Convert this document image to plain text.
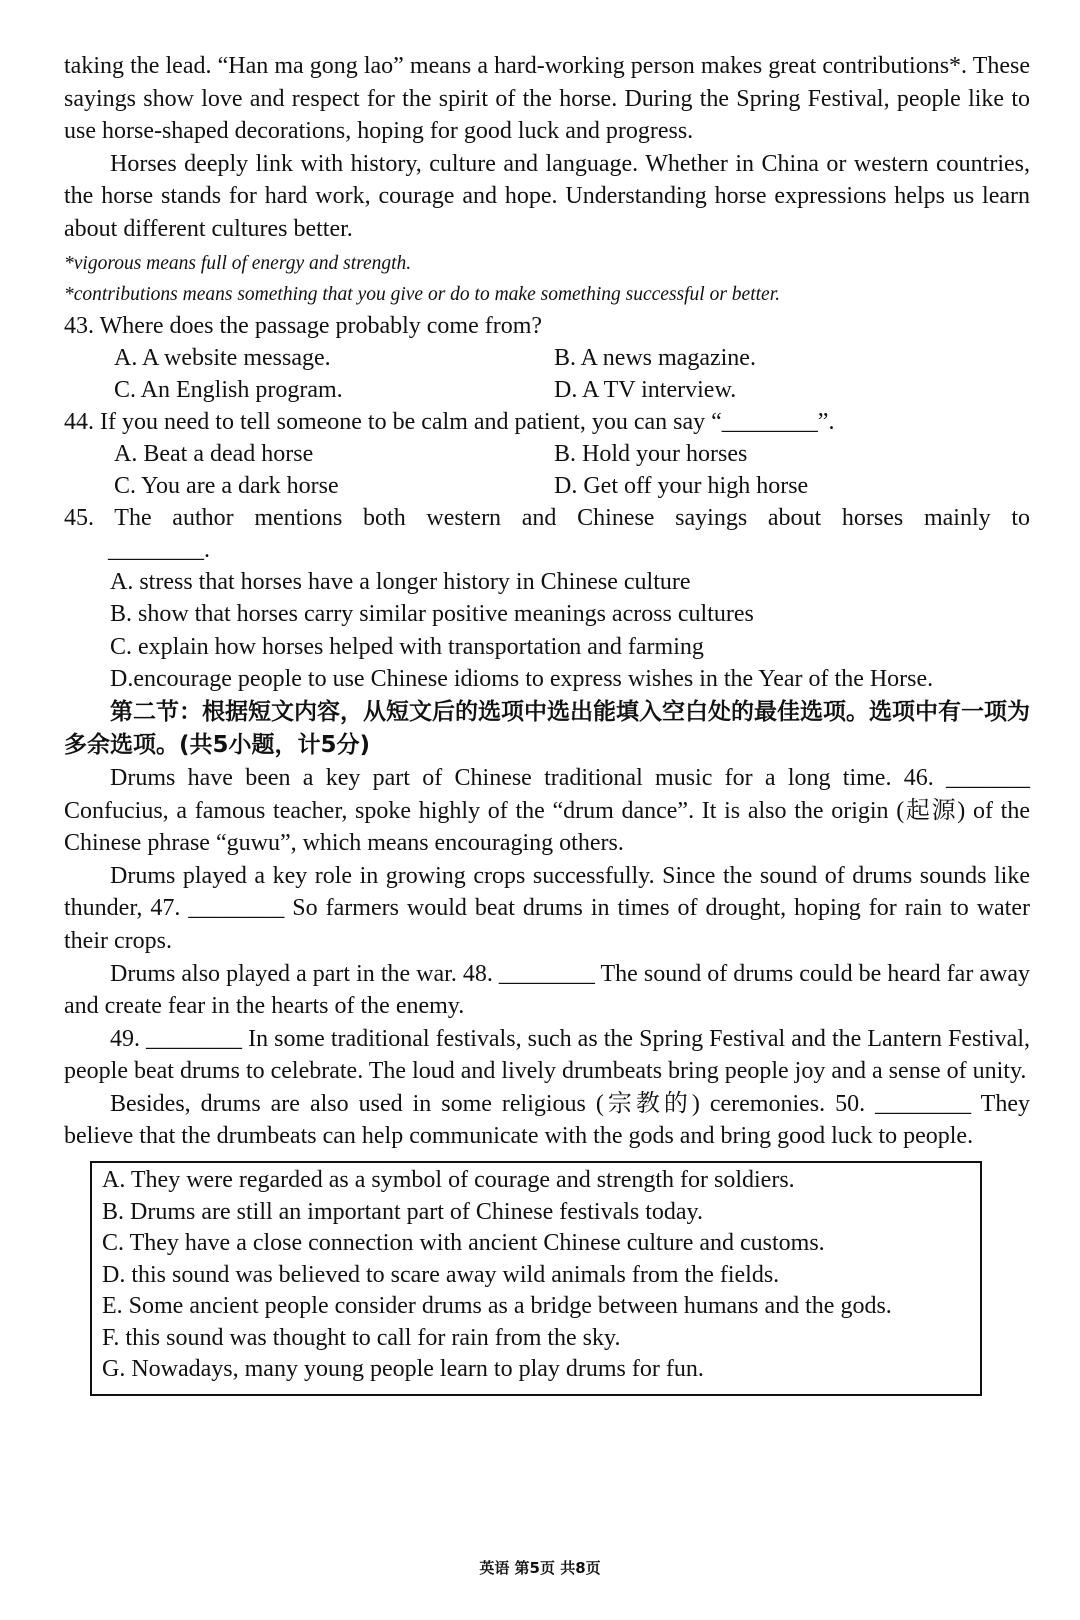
taking the lead. “Han ma gong lao” means a hard-working person makes great contributions*. These sayings show love and respect for the spirit of the horse. During the Spring Festival, people like to use horse-shaped decorations, hoping for good luck and progress.

Horses deeply link with history, culture and language. Whether in China or western countries, the horse stands for hard work, courage and hope. Understanding horse expressions helps us learn about different cultures better.

*vigorous means full of energy and strength.

*contributions means something that you give or do to make something successful or better.

43. Where does the passage probably come from?

A. A website message.	B. A news magazine.
C. An English program.	D. A TV interview.

44. If you need to tell someone to be calm and patient, you can say “________”.

A. Beat a dead horse	B. Hold your horses
C. You are a dark horse	D. Get off your high horse

45. The author mentions both western and Chinese sayings about horses mainly to

________.

A. stress that horses have a longer history in Chinese culture
B. show that horses carry similar positive meanings across cultures
C. explain how horses helped with transportation and farming
D.encourage people to use Chinese idioms to express wishes in the Year of the Horse.

第二节：根据短文内容，从短文后的选项中选出能填入空白处的最佳选项。选项中有一项为多余选项。(共5小题，计5分)

Drums have been a key part of Chinese traditional music for a long time. 46. _______ Confucius, a famous teacher, spoke highly of the “drum dance”. It is also the origin (起源) of the Chinese phrase “guwu”, which means encouraging others.

Drums played a key role in growing crops successfully. Since the sound of drums sounds like thunder, 47. ________ So farmers would beat drums in times of drought, hoping for rain to water their crops.

Drums also played a part in the war. 48. ________ The sound of drums could be heard far away and create fear in the hearts of the enemy.

49. ________ In some traditional festivals, such as the Spring Festival and the Lantern Festival, people beat drums to celebrate. The loud and lively drumbeats bring people joy and a sense of unity.

Besides, drums are also used in some religious (宗教的) ceremonies. 50. ________ They believe that the drumbeats can help communicate with the gods and bring good luck to people.

A. They were regarded as a symbol of courage and strength for soldiers.
B. Drums are still an important part of Chinese festivals today.
C. They have a close connection with ancient Chinese culture and customs.
D. this sound was believed to scare away wild animals from the fields.
E. Some ancient people consider drums as a bridge between humans and the gods.
F. this sound was thought to call for rain from the sky.
G. Nowadays, many young people learn to play drums for fun.
英语 第5页 共8页
